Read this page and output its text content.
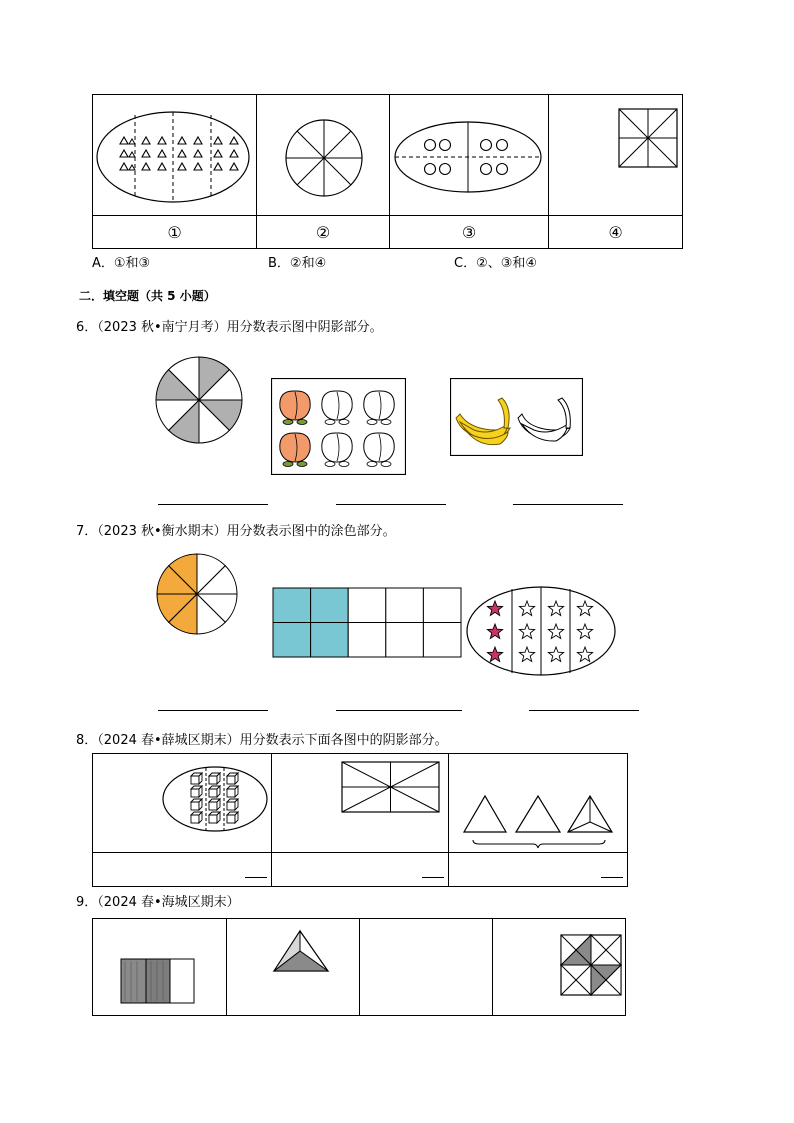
①	②	③	④
A．①和③	B．②和④	C．②、③和④
二．填空题（共 5 小题）
6．（2023 秋•南宁月考）用分数表示图中阴影部分。
7．（2023 秋•衡水期末）用分数表示图中的涂色部分。
8．（2024 春•薛城区期末）用分数表示下面各图中的阴影部分。

9．（2024 春•海城区期末）
